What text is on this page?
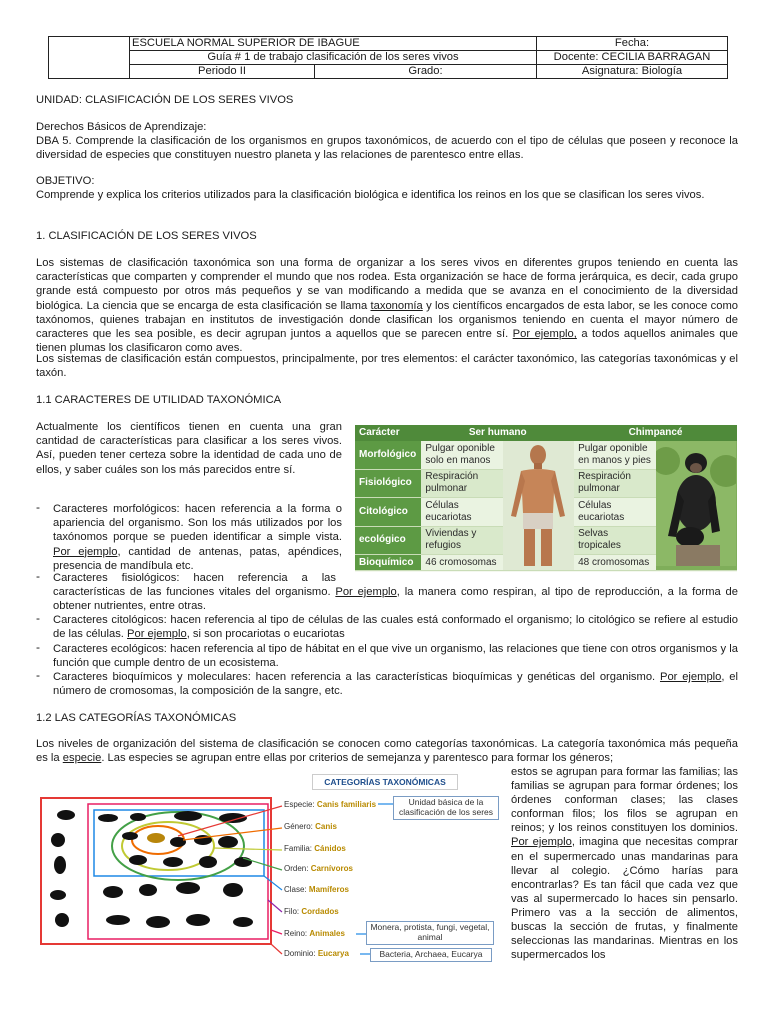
	ESCUELA NORMAL SUPERIOR DE IBAGUE		Fecha:
	Guía # 1 de trabajo clasificación de los seres vivos		Docente: CECILIA BARRAGAN
	Periodo II	Grado:	Asignatura: Biología
UNIDAD: CLASIFICACIÓN DE LOS SERES VIVOS
Derechos Básicos de Aprendizaje:
DBA 5. Comprende la clasificación de los organismos en grupos taxonómicos, de acuerdo con el tipo de células que poseen y reconoce la diversidad de especies que constituyen nuestro planeta y las relaciones de parentesco entre ellas.
OBJETIVO:
Comprende y explica los criterios utilizados para la clasificación biológica e identifica los reinos en los que se clasifican los seres vivos.
1. CLASIFICACIÓN DE LOS SERES VIVOS
Los sistemas de clasificación taxonómica son una forma de organizar a los seres vivos en diferentes grupos teniendo en cuenta las características que comparten y comprender el mundo que nos rodea. Esta organización se hace de forma jerárquica, es decir, cada grupo grande está compuesto por otros más pequeños y se van modificando a medida que se avanza en el conocimiento de la diversidad biológica. La ciencia que se encarga de esta clasificación se llama taxonomía y los científicos encargados de esta labor, se les conoce como taxónomos, quienes trabajan en institutos de investigación donde clasifican los organismos teniendo en cuenta el mayor número de caracteres que les sea posible, es decir agrupan juntos a aquellos que se parecen entre sí. Por ejemplo, a todos aquellos animales que tienen plumas los clasificaron como aves.
Los sistemas de clasificación están compuestos, principalmente, por tres elementos: el carácter taxonómico, las categorías taxonómicas y el taxón.
1.1 CARACTERES DE UTILIDAD TAXONÓMICA
Actualmente los científicos tienen en cuenta una gran cantidad de características para clasificar a los seres vivos. Así, pueden tener certeza sobre la identidad de cada uno de ellos, y saber cuáles son los más parecidos entre sí.
Carácter	Ser humano		Chimpancé	
Morfológico	Pulgar oponible solo en manos		Pulgar oponible en manos y pies	
Fisiológico	Respiración pulmonar		Respiración pulmonar	
Citológico	Células eucariotas		Células eucariotas	
ecológico	Viviendas y refugios		Selvas tropicales	
Bioquímico	46 cromosomas		48 cromosomas	
- Caracteres morfológicos: hacen referencia a la forma o apariencia del organismo. Son los más utilizados por los taxónomos porque se pueden identificar a simple vista. Por ejemplo, cantidad de antenas, patas, apéndices, presencia de mandíbula etc.
- Caracteres fisiológicos: hacen referencia a las
características de las funciones vitales del organismo. Por ejemplo, la manera como respiran, al tipo de reproducción, a la forma de obtener nutrientes, entre otras.
- Caracteres citológicos: hacen referencia al tipo de células de las cuales está conformado el organismo; lo citológico se refiere al estudio de las células. Por ejemplo, si son procariotas o eucariotas
- Caracteres ecológicos: hacen referencia al tipo de hábitat en el que vive un organismo, las relaciones que tiene con otros organismos y la función que cumple dentro de un ecosistema.
- Caracteres bioquímicos y moleculares: hacen referencia a las características bioquímicas y genéticas del organismo. Por ejemplo, el número de cromosomas, la composición de la sangre, etc.
1.2 LAS CATEGORÍAS TAXONÓMICAS
Los niveles de organización del sistema de clasificación se conocen como categorías taxonómicas. La categoría taxonómica más pequeña es la especie. Las especies se agrupan entre ellas por criterios de semejanza y parentesco para formar los géneros;
estos se agrupan para formar las familias; las familias se agrupan para formar órdenes; los órdenes conforman clases; las clases conforman filos; los filos se agrupan en reinos; y los reinos constituyen los dominios. Por ejemplo, imagina que necesitas comprar en el supermercado unas mandarinas para llevar al colegio. ¿Cómo harías para encontrarlas? Es tan fácil que cada vez que vas al supermercado lo haces sin pensarlo. Primero vas a la sección de alimentos, buscas la sección de frutas, y finalmente seleccionas las mandarinas. Mientras en los supermercados los
CATEGORÍAS TAXONÓMICAS
Especie: Canis familiaris
Género: Canis
Familia: Cánidos
Orden: Carnívoros
Clase: Mamíferos
Filo: Cordados
Reino: Animales
Dominio: Eucarya
Unidad básica de la clasificación de los seres
Monera, protista, fungi, vegetal, animal
Bacteria, Archaea, Eucarya
